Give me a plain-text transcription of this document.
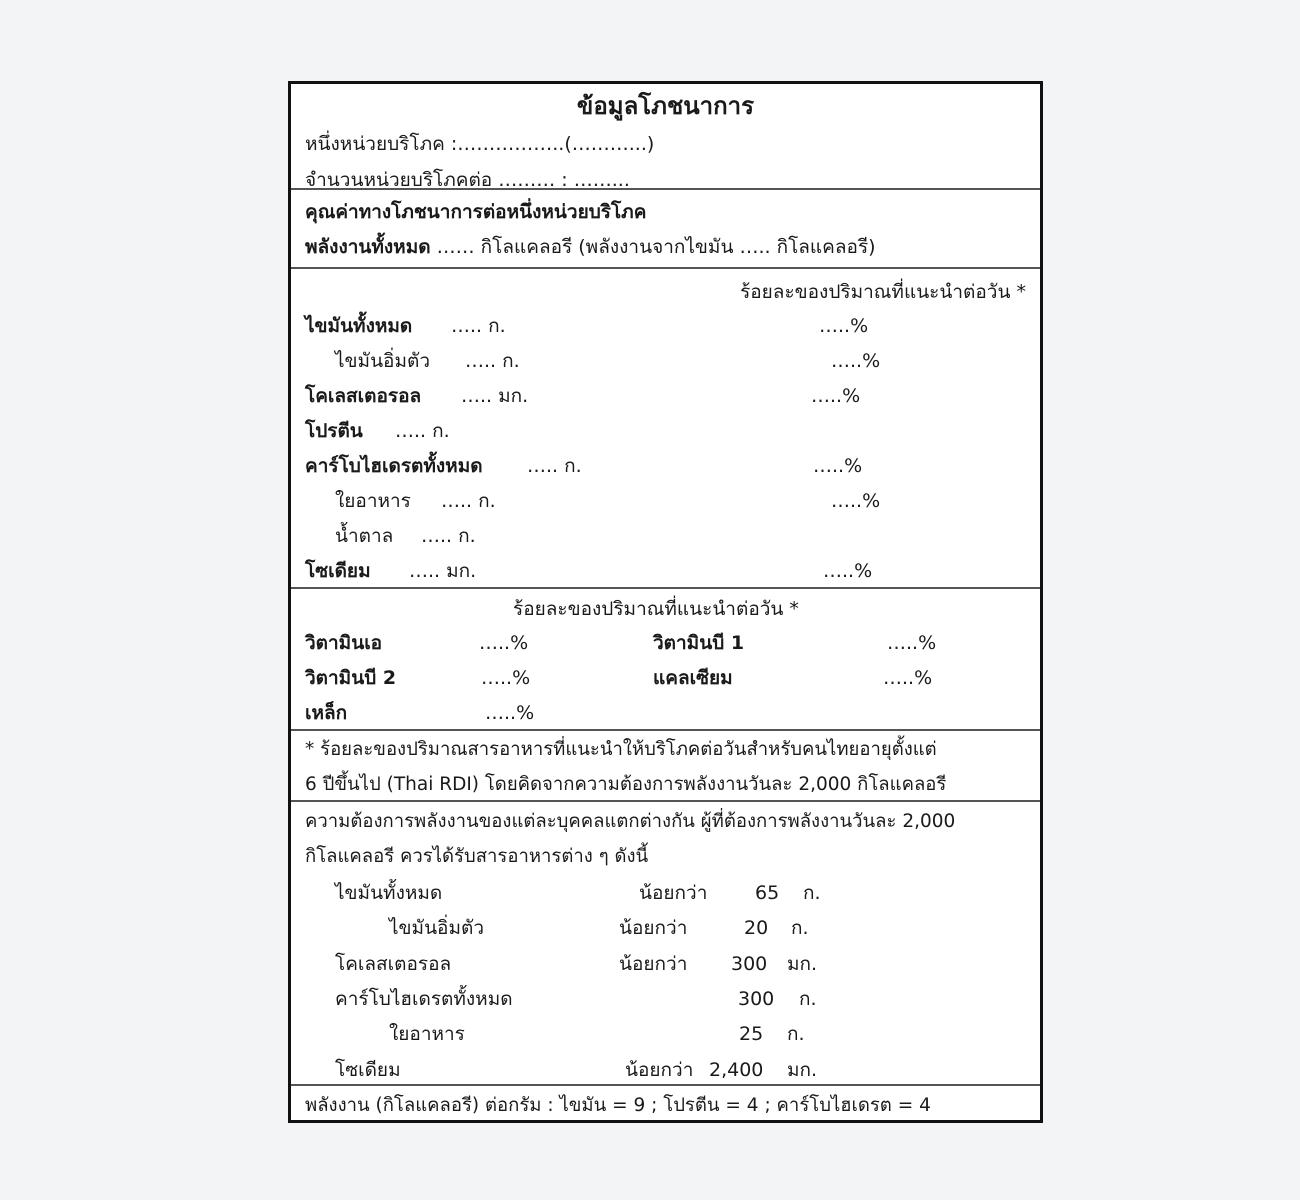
ข้อมูลโภชนาการ
หนึ่งหน่วยบริโภค :……………..(………...)
จำนวนหน่วยบริโภคต่อ ……… : ……...
คุณค่าทางโภชนาการต่อหนึ่งหน่วยบริโภค
พลังงานทั้งหมด …… กิโลแคลอรี (พลังงานจากไขมัน ….. กิโลแคลอรี)
ร้อยละของปริมาณที่แนะนำต่อวัน *
ไขมันทั้งหมด ….. ก.	…..%
ไขมันอิ่มตัว ….. ก.	…..%
โคเลสเตอรอล ….. มก.	…..%
โปรตีน ….. ก.
คาร์โบไฮเดรตทั้งหมด ….. ก.	…..%
ใยอาหาร ….. ก.	…..%
น้ำตาล ….. ก.
โซเดียม ….. มก.	…..%
ร้อยละของปริมาณที่แนะนำต่อวัน *
วิตามินเอ	…..%	วิตามินบี 1	…..%
วิตามินบี 2	…..%	แคลเซียม	…..%
เหล็ก	…..%
* ร้อยละของปริมาณสารอาหารที่แนะนำให้บริโภคต่อวันสำหรับคนไทยอายุตั้งแต่
6 ปีขึ้นไป (Thai RDI) โดยคิดจากความต้องการพลังงานวันละ 2,000 กิโลแคลอรี
ความต้องการพลังงานของแต่ละบุคคลแตกต่างกัน ผู้ที่ต้องการพลังงานวันละ 2,000
กิโลแคลอรี ควรได้รับสารอาหารต่าง ๆ ดังนี้
ไขมันทั้งหมด	น้อยกว่า	65 ก.
ไขมันอิ่มตัว	น้อยกว่า	20 ก.
โคเลสเตอรอล	น้อยกว่า 300 มก.
คาร์โบไฮเดรตทั้งหมด	300 ก.
ใยอาหาร	25 ก.
โซเดียม	น้อยกว่า 2,400 มก.
พลังงาน (กิโลแคลอรี) ต่อกรัม : ไขมัน = 9 ; โปรตีน = 4 ; คาร์โบไฮเดรต = 4
